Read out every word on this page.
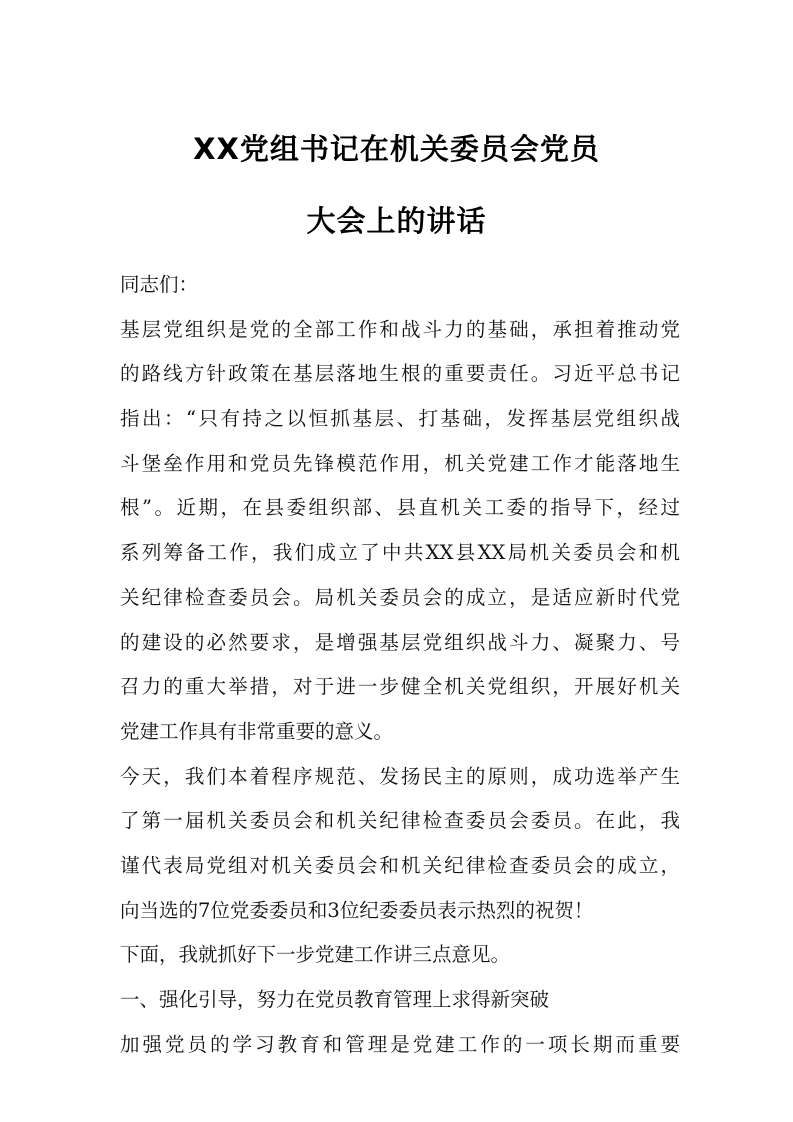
XX党组书记在机关委员会党员
大会上的讲话
同志们：
基层党组织是党的全部工作和战斗力的基础，承担着推动党
的路线方针政策在基层落地生根的重要责任。习近平总书记
指出：“只有持之以恒抓基层、打基础，发挥基层党组织战
斗堡垒作用和党员先锋模范作用，机关党建工作才能落地生
根”。近期，在县委组织部、县直机关工委的指导下，经过
系列筹备工作，我们成立了中共XX县XX局机关委员会和机
关纪律检查委员会。局机关委员会的成立，是适应新时代党
的建设的必然要求，是增强基层党组织战斗力、凝聚力、号
召力的重大举措，对于进一步健全机关党组织，开展好机关
党建工作具有非常重要的意义。
今天，我们本着程序规范、发扬民主的原则，成功选举产生
了第一届机关委员会和机关纪律检查委员会委员。在此，我
谨代表局党组对机关委员会和机关纪律检查委员会的成立，
向当选的7位党委委员和3位纪委委员表示热烈的祝贺！
下面，我就抓好下一步党建工作讲三点意见。
一、强化引导，努力在党员教育管理上求得新突破
加强党员的学习教育和管理是党建工作的一项长期而重要
